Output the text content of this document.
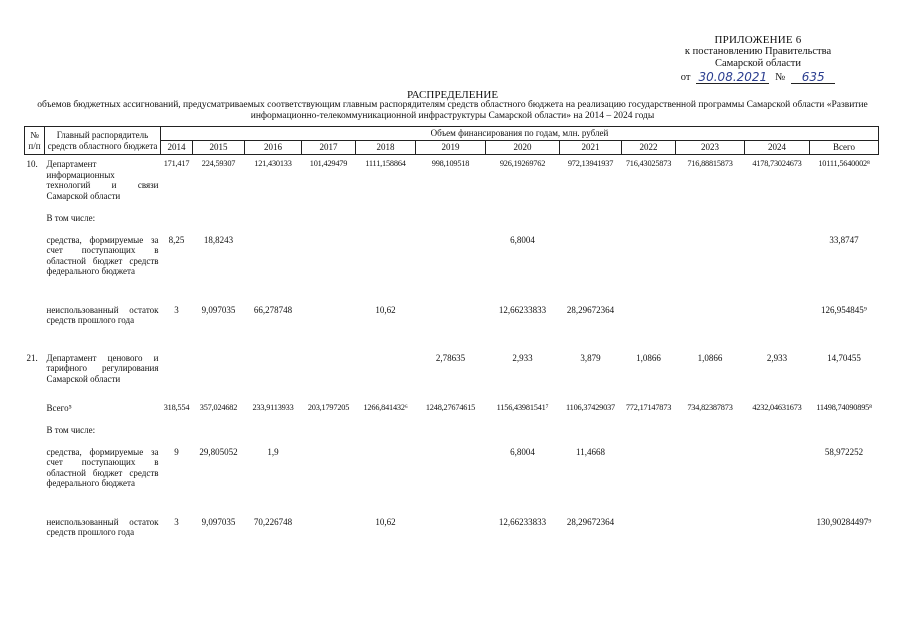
ПРИЛОЖЕНИЕ 6
к постановлению Правительства
Самарской области
от 30.08.2021 №	635
РАСПРЕДЕЛЕНИЕ
объемов бюджетных ассигнований, предусматриваемых соответствующим главным распорядителям средств областного бюджета на реализацию государственной программы Самарской области «Развитие информационно-телекоммуникационной инфраструктуры Самарской области» на 2014 – 2024 годы
№ п/п	Главный распорядитель средств областного бюджета	Объем финансирования по годам, млн. рублей											
		2014	2015	2016	2017	2018	2019	2020	2021	2022	2023	2024	Всего
10.	Департамент информационных технологий и связи Самарской области	171,417	224,59307	121,430133	101,429479	1111,158864	998,109518	926,19269762	972,13941937	716,43025873	716,88815873	4178,73024673	10111,5640002⁸
	В том числе:												
	средства, формируемые за счет поступающих в областной бюджет средств федерального бюджета	8,25	18,8243					6,8004					33,8747
	неиспользованный остаток средств прошлого года	3	9,097035	66,278748		10,62		12,66233833	28,29672364				126,954845⁹
21.	Департамент ценового и тарифного регулирования Самарской области						2,78635	2,933	3,879	1,0866	1,0866	2,933	14,70455
	Всего⁵	318,554	357,024682	233,9113933	203,1797205	1266,841432⁶	1248,27674615	1156,43981541⁷	1106,37429037	772,17147873	734,82387873	4232,04631673	11498,74090895⁸
	В том числе:												
	средства, формируемые за счет поступающих в областной бюджет средств федерального бюджета	9	29,805052	1,9				6,8004	11,4668				58,972252
	неиспользованный остаток средств прошлого года	3	9,097035	70,226748		10,62		12,66233833	28,29672364				130,90284497⁹
